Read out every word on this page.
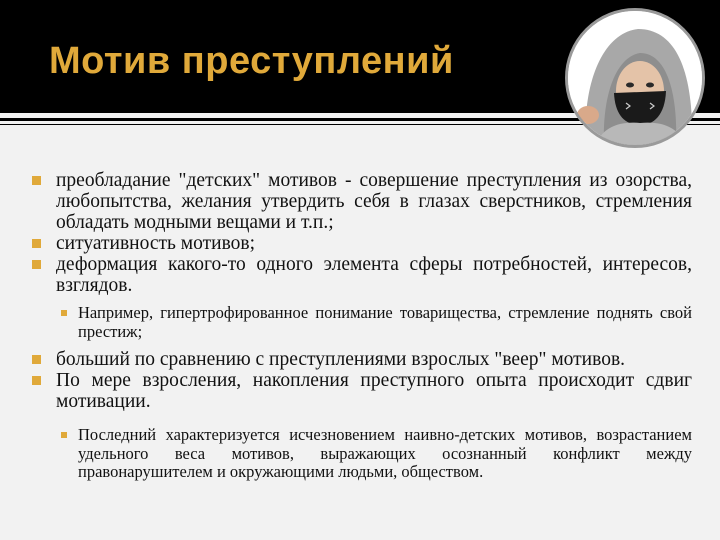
Мотив преступлений
преобладание "детских" мотивов - совершение преступления из озорства, любопытства, желания утвердить себя в глазах сверстников, стремления обладать модными вещами и т.п.;
ситуативность мотивов;
деформация какого-то одного элемента сферы потребностей, интересов, взглядов.
Например, гипертрофированное понимание товарищества, стремление поднять свой престиж;
больший по сравнению с преступлениями взрослых "веер" мотивов.
По мере взросления, накопления преступного опыта происходит сдвиг мотивации.
Последний характеризуется исчезновением наивно-детских мотивов, возрастанием удельного веса мотивов, выражающих осознанный конфликт между правонарушителем и окружающими людьми, обществом.
